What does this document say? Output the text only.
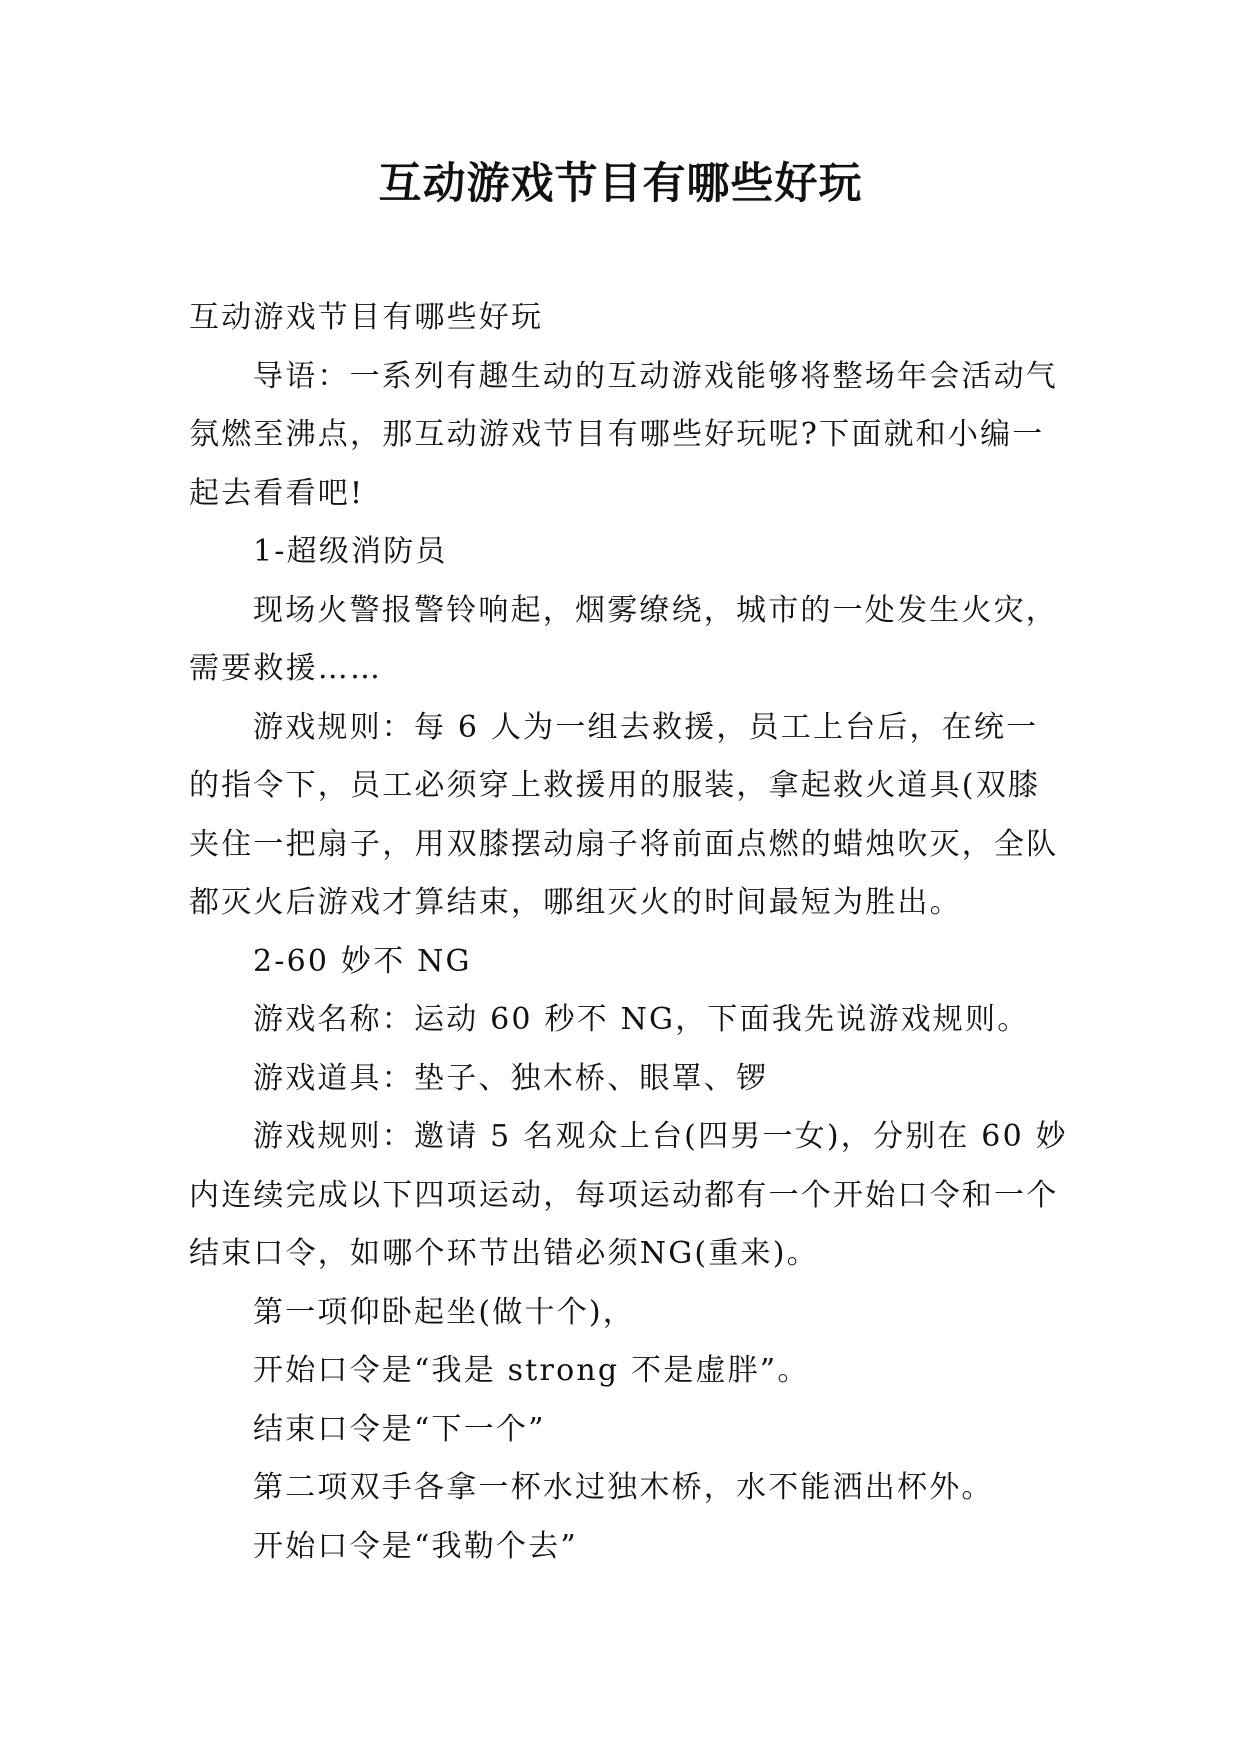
互动游戏节目有哪些好玩

互动游戏节目有哪些好玩

导语：一系列有趣生动的互动游戏能够将整场年会活动气氛燃至沸点，那互动游戏节目有哪些好玩呢?下面就和小编一起去看看吧!

1-超级消防员

现场火警报警铃响起，烟雾缭绕，城市的一处发生火灾，需要救援……

游戏规则：每 6 人为一组去救援，员工上台后，在统一的指令下，员工必须穿上救援用的服装，拿起救火道具(双膝夹住一把扇子，用双膝摆动扇子将前面点燃的蜡烛吹灭，全队都灭火后游戏才算结束，哪组灭火的时间最短为胜出。

2-60 妙不 NG

游戏名称：运动 60 秒不 NG，下面我先说游戏规则。

游戏道具：垫子、独木桥、眼罩、锣

游戏规则：邀请 5 名观众上台(四男一女)，分别在 60 妙内连续完成以下四项运动，每项运动都有一个开始口令和一个结束口令，如哪个环节出错必须NG(重来)。

第一项仰卧起坐(做十个)，

开始口令是“我是 strong 不是虚胖”。

结束口令是“下一个”

第二项双手各拿一杯水过独木桥，水不能洒出杯外。

开始口令是“我勒个去”
